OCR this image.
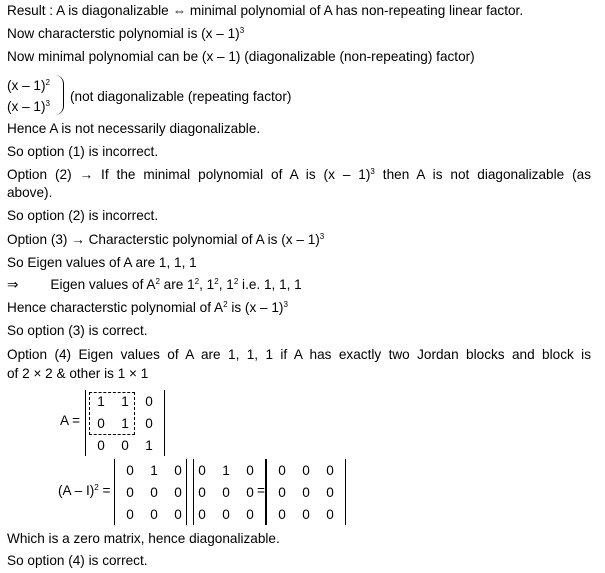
Result : A is diagonalizable ⇔ minimal polynomial of A has non-repeating linear factor.
Now characterstic polynomial is (x – 1)$^3$
Now minimal polynomial can be (x – 1) (diagonalizable (non-repeating) factor)
(x – 1)$^2$
(x – 1)$^3$ (not diagonalizable (repeating factor)
Hence A is not necessarily diagonalizable.
So option (1) is incorrect.
Option (2) → If the minimal polynomial of A is (x – 1)$^3$ then A is not diagonalizable (as
above).
So option (2) is incorrect.
Option (3) → Characterstic polynomial of A is (x – 1)$^3$
So Eigen values of A are 1, 1, 1
⇒ Eigen values of $A^2$ are $1^2$, $1^2$, $1^2$ i.e. 1, 1, 1
Hence characterstic polynomial of $A^2$ is (x – 1)$^3$
So option (3) is correct.
Option (4) Eigen values of A are 1, 1, 1 if A has exactly two Jordan blocks and block is
of 2 × 2 & other is 1 × 1
A =
1 1 0
0 1 0
0 0 1
(A – I)$^2$ =
0 1 0
0 0 0
0 0 0
0 1 0
0 0 0
0 0 0
=
0 0 0
0 0 0
0 0 0
Which is a zero matrix, hence diagonalizable.
So option (4) is correct.
